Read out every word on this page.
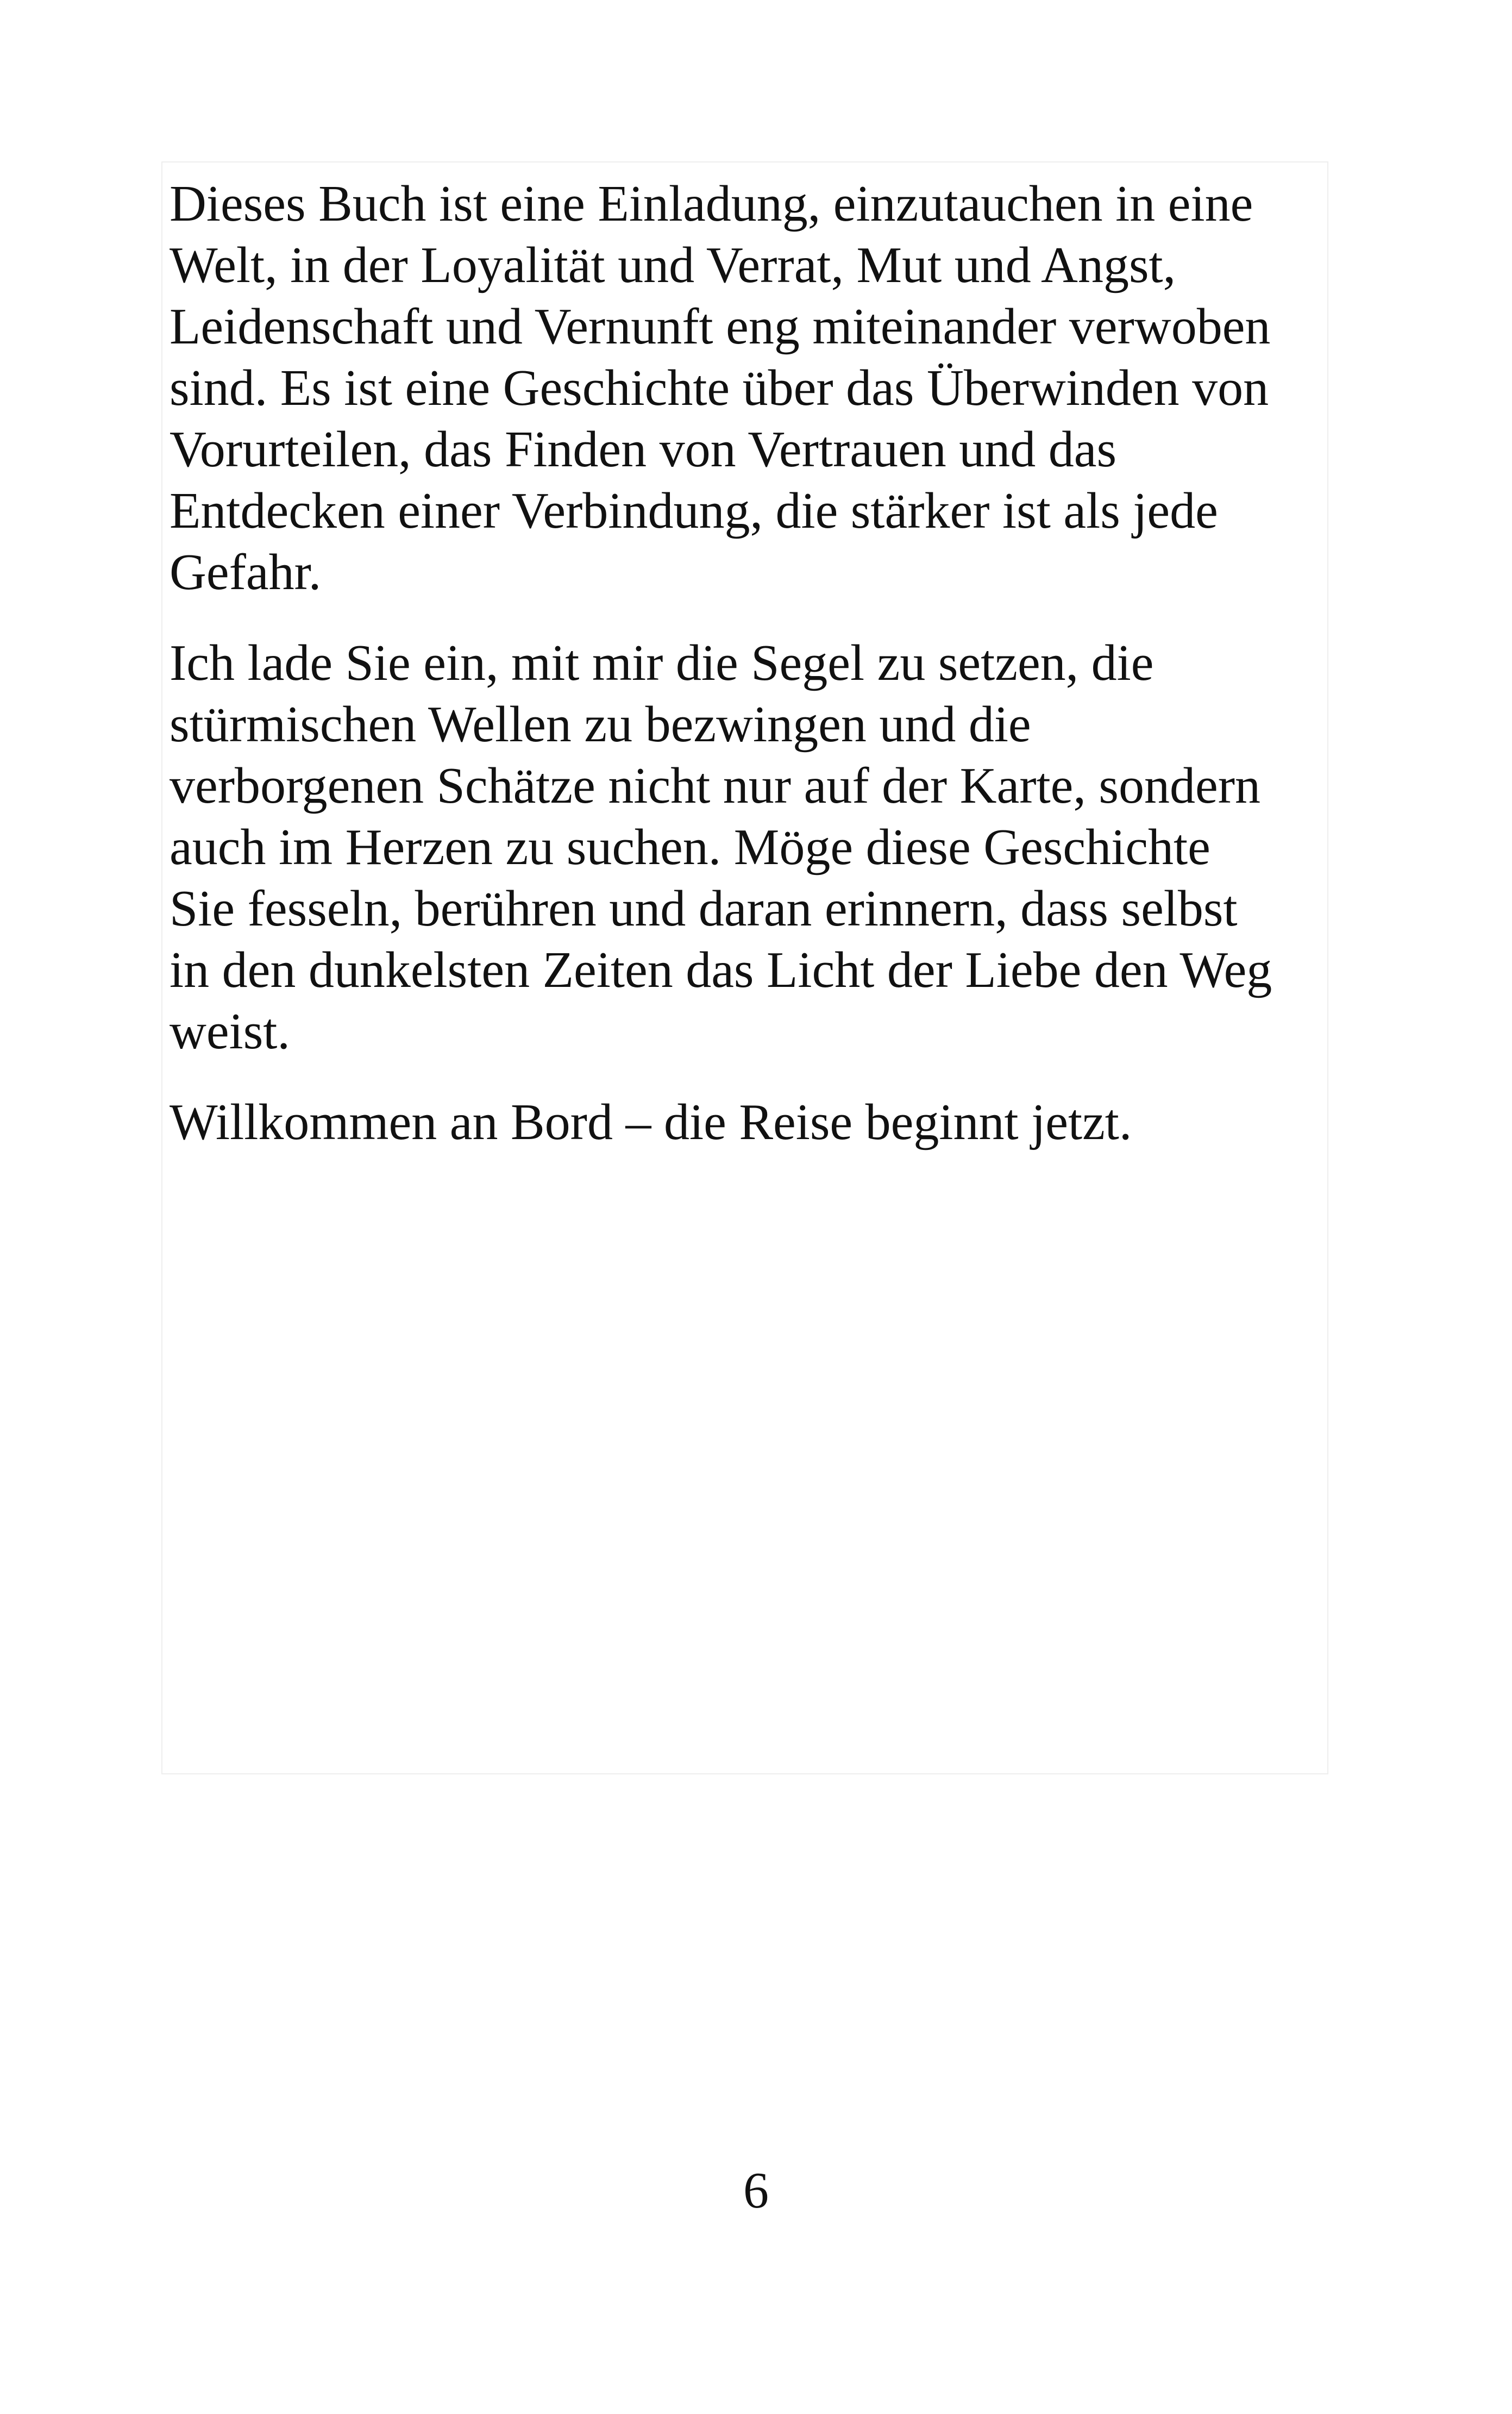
Dieses Buch ist eine Einladung, einzutauchen in eine
Welt, in der Loyalität und Verrat, Mut und Angst,
Leidenschaft und Vernunft eng miteinander verwoben
sind. Es ist eine Geschichte über das Überwinden von
Vorurteilen, das Finden von Vertrauen und das
Entdecken einer Verbindung, die stärker ist als jede
Gefahr.

Ich lade Sie ein, mit mir die Segel zu setzen, die
stürmischen Wellen zu bezwingen und die
verborgenen Schätze nicht nur auf der Karte, sondern
auch im Herzen zu suchen. Möge diese Geschichte
Sie fesseln, berühren und daran erinnern, dass selbst
in den dunkelsten Zeiten das Licht der Liebe den Weg
weist.

Willkommen an Bord – die Reise beginnt jetzt.

6
